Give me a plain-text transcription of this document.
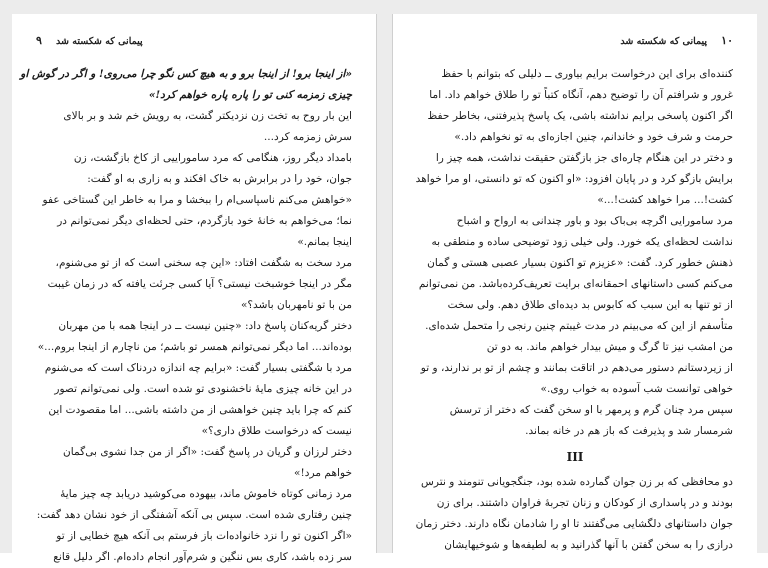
۹ پیمانی که شکسته شد
«از اینجا برو! از اینجا برو و به هیچ کس نگو چرا می‌روی! و اگر در گوش او
چیزی زمزمه کنی تو را پاره پاره خواهم کرد!»
این بار روح به تخت زن نزدیکتر گشت، به رویش خم شد و بر بالای
سرش زمزمه کرد...
بامداد دیگر روز، هنگامی که مرد ساموراییی از کاخ بازگشت، زن
جوان، خود را در برابرش به خاک افکند و به زاری به او گفت:
«خواهش می‌کنم ناسپاسی‌ام را ببخشا و مرا به خاطر این گستاخی عفو
نما؛ می‌خواهم به خانهٔ خود بازگردم، حتی لحظه‌ای دیگر نمی‌توانم در
اینجا بمانم.»
مرد سخت به شگفت افتاد: «این چه سخنی است که از تو می‌شنوم،
مگر در اینجا خوشبخت نیستی؟ آیا کسی جرئت یافته که در زمان غیبت
من با تو نامهربان باشد؟»
دختر گریه‌کنان پاسخ داد: «چنین نیست ــ در اینجا همه با من مهربان
بوده‌اند... اما دیگر نمی‌توانم همسر تو باشم؛ من ناچارم از اینجا بروم...»
مرد با شگفتی بسیار گفت: «برایم چه اندازه دردناک است که می‌شنوم
در این خانه چیزی مایهٔ ناخشنودی تو شده است. ولی نمی‌توانم تصور
کنم که چرا باید چنین خواهشی از من داشته باشی... اما مقصودت این
نیست که درخواست طلاق داری؟»
دختر لرزان و گریان در پاسخ گفت: «اگر از من جدا نشوی بی‌گمان
خواهم مرد!»
مرد زمانی کوتاه خاموش ماند، بیهوده می‌کوشید دریابد چه چیز مایهٔ
چنین رفتاری شده است. سپس بی آنکه آشفتگی از خود نشان دهد گفت:
«اگر اکنون تو را نزد خانواده‌ات باز فرستم بی آنکه هیچ خطایی از تو
سر زده باشد، کاری بس ننگین و شرم‌آور انجام داده‌ام. اگر دلیل قانع
۱۰
پیمانی که شکسته شد
کننده‌ای برای این درخواست برایم بیاوری ــ دلیلی که بتوانم با حفظ
غرور و شرافتم آن را توضیح دهم، آنگاه کتباً تو را طلاق خواهم داد. اما
اگر اکنون پاسخی برایم نداشته باشی، یک پاسخ پذیرفتنی، بخاطر حفظ
حرمت و شرف خود و خاندانم، چنین اجازه‌ای به تو نخواهم داد.»
و دختر در این هنگام چاره‌ای جز بازگفتن حقیقت نداشت، همه چیز را
برایش بازگو کرد و در پایان افزود: «او اکنون که تو دانستی، او مرا خواهد
کشت!... مرا خواهد کشت!...»
مرد سامورایی اگرچه بی‌باک بود و باور چندانی به ارواح و اشباح
نداشت لحظه‌ای یکه خورد. ولی خیلی زود توضیحی ساده و منطقی به
ذهنش خطور کرد. گفت: «عزیزم تو اکنون بسیار عصبی هستی و گمان
می‌کنم کسی داستانهای احمقانه‌ای برایت تعریف‌کرده‌باشد. من نمی‌توانم
از تو تنها به این سبب که کابوس بد دیده‌ای طلاق دهم. ولی سخت
متأسفم از این که می‌بینم در مدت غیبتم چنین رنجی را متحمل شده‌ای.
من امشب نیز تا گرگ و میش بیدار خواهم ماند. به دو تن
از زیردستانم دستور می‌دهم در اتاقت بمانند و چشم از تو بر ندارند، و تو
خواهی توانست شب آسوده به خواب روی.»
سپس مرد چنان گرم و پرمهر با او سخن گفت که دختر از ترسش
شرمسار شد و پذیرفت که باز هم در خانه بماند.
III
دو محافظی که بر زن جوان گمارده شده بود، جنگجویانی تنومند و نترس
بودند و در پاسداری از کودکان و زنان تجربهٔ فراوان داشتند. برای زن
جوان داستانهای دلگشایی می‌گفتند تا او را شادمان نگاه دارند. دختر زمان
درازی را به سخن گفتن با آنها گذرانید و به لطیفه‌ها و شوخیهایشان
